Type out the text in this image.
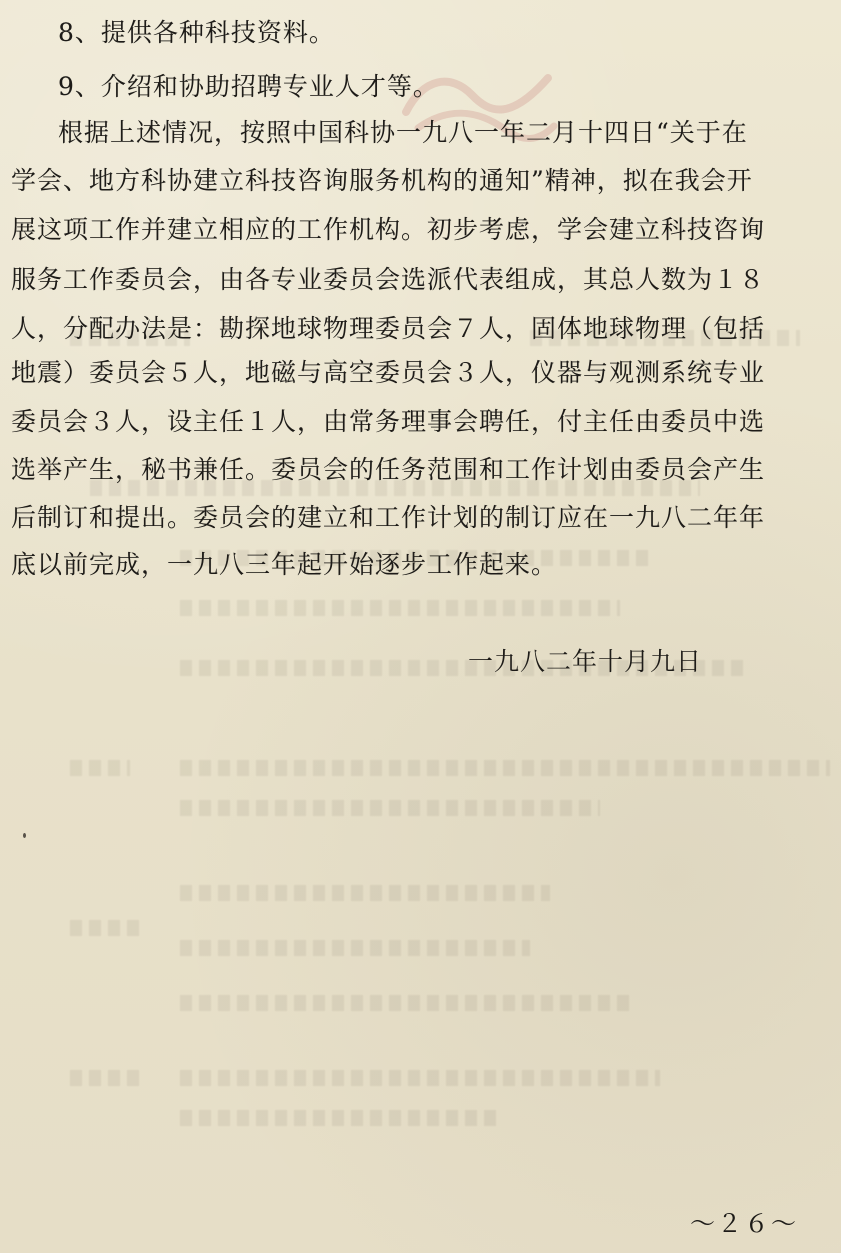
8、提供各种科技资料。
9、介绍和协助招聘专业人才等。
根据上述情况，按照中国科协一九八一年二月十四日“关于在
学会、地方科协建立科技咨询服务机构的通知”精神，拟在我会开
展这项工作并建立相应的工作机构。初步考虑，学会建立科技咨询
服务工作委员会，由各专业委员会选派代表组成，其总人数为１８
人，分配办法是：勘探地球物理委员会７人，固体地球物理（包括
地震）委员会５人，地磁与高空委员会３人，仪器与观测系统专业
委员会３人，设主任１人，由常务理事会聘任，付主任由委员中选
选举产生，秘书兼任。委员会的任务范围和工作计划由委员会产生
后制订和提出。委员会的建立和工作计划的制订应在一九八二年年
底以前完成，一九八三年起开始逐步工作起来。
一九八二年十月九日
～２６～
